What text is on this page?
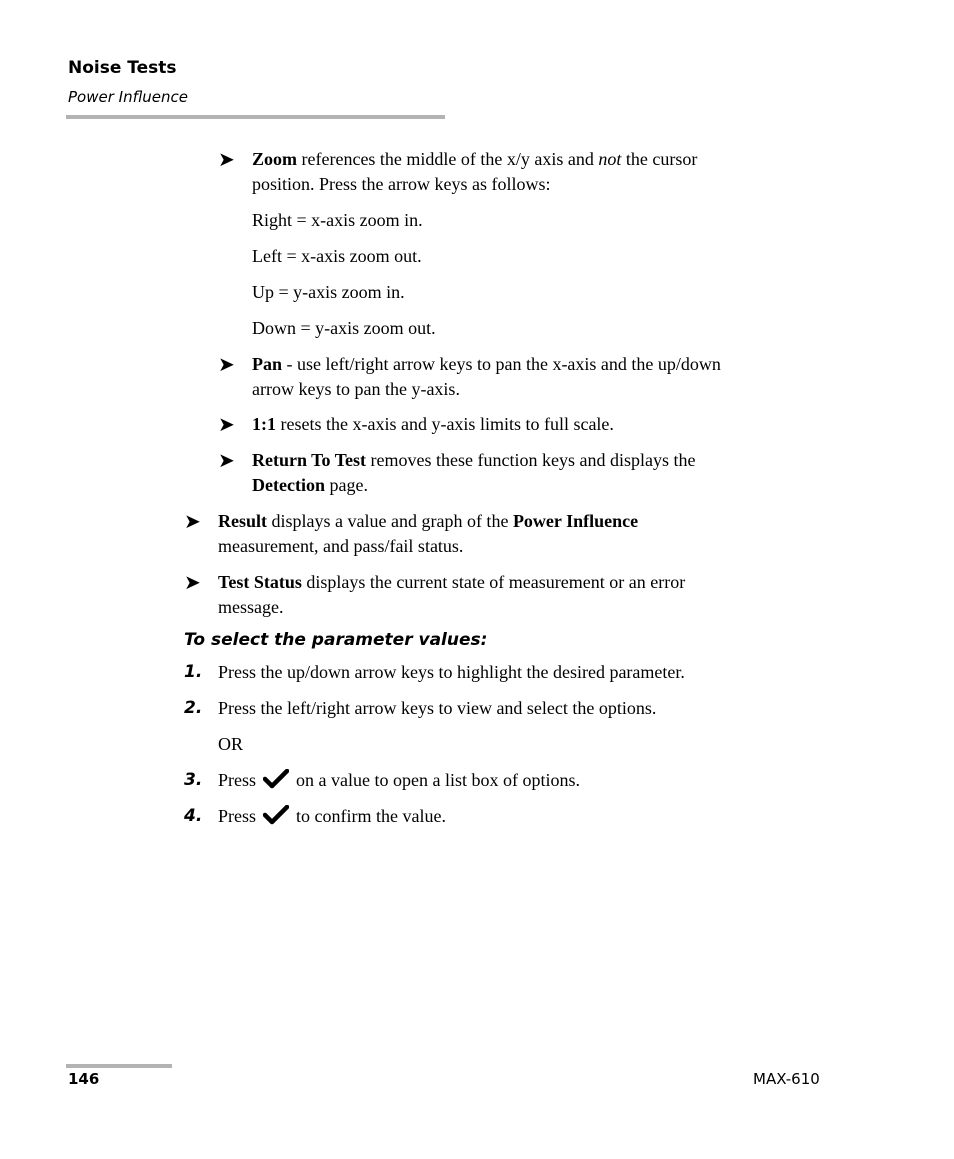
Noise Tests
Power Influence
➤ Zoom references the middle of the x/y axis and not the cursor
position. Press the arrow keys as follows:
Right = x-axis zoom in.
Left = x-axis zoom out.
Up = y-axis zoom in.
Down = y-axis zoom out.
➤ Pan - use left/right arrow keys to pan the x-axis and the up/down
arrow keys to pan the y-axis.
➤ 1:1 resets the x-axis and y-axis limits to full scale.
➤ Return To Test removes these function keys and displays the
Detection page.
➤ Result displays a value and graph of the Power Influence
measurement, and pass/fail status.
➤ Test Status displays the current state of measurement or an error
message.
To select the parameter values:
1. Press the up/down arrow keys to highlight the desired parameter.
2. Press the left/right arrow keys to view and select the options.
OR
3. Press on a value to open a list box of options.
4. Press to confirm the value.
146	MAX-610
